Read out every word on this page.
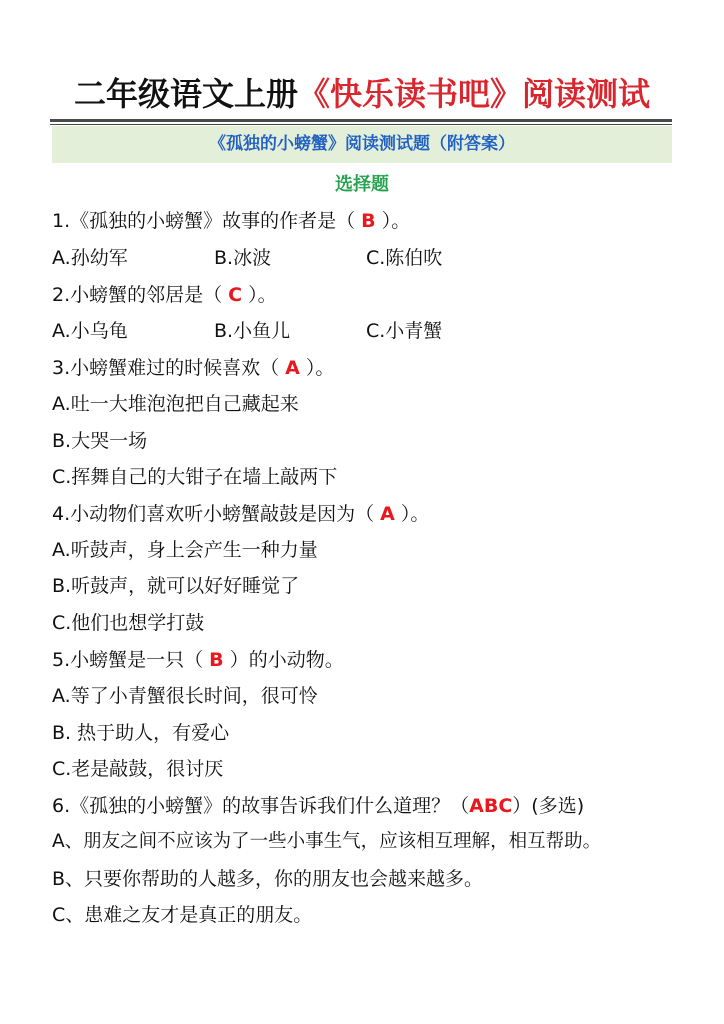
二年级语文上册《快乐读书吧》阅读测试
《孤独的小螃蟹》阅读测试题（附答案）
选择题
1.《孤独的小螃蟹》故事的作者是（ B ）。
A.孙幼军	B.冰波	C.陈伯吹
2.小螃蟹的邻居是（ C ）。
A.小乌龟	B.小鱼儿	C.小青蟹
3.小螃蟹难过的时候喜欢（ A ）。
A.吐一大堆泡泡把自己藏起来
B.大哭一场
C.挥舞自己的大钳子在墙上敲两下
4.小动物们喜欢听小螃蟹敲鼓是因为（ A ）。
A.听鼓声，身上会产生一种力量
B.听鼓声，就可以好好睡觉了
C.他们也想学打鼓
5.小螃蟹是一只（ B ）的小动物。
A.等了小青蟹很长时间，很可怜
B. 热于助人，有爱心
C.老是敲鼓，很讨厌
6.《孤独的小螃蟹》的故事告诉我们什么道理？（ABC）(多选)
A、朋友之间不应该为了一些小事生气，应该相互理解，相互帮助。
B、只要你帮助的人越多，你的朋友也会越来越多。
C、患难之友才是真正的朋友。
